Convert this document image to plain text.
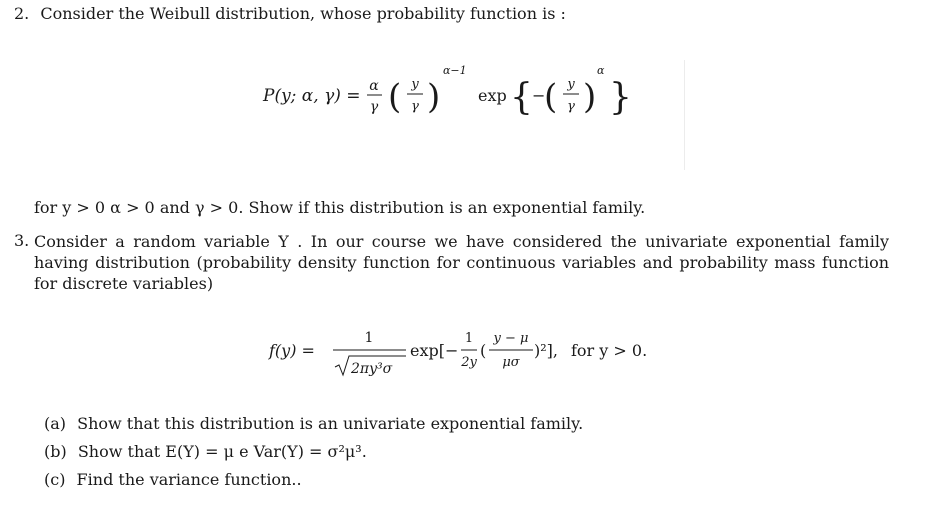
2. Consider the Weibull distribution, whose probability function is :
P(y; α, γ) = α
γ ( y
γ )
α−1
exp { −
( y
γ )
α
}
for y > 0 α > 0 and γ > 0. Show if this distribution is an exponential family.
3. Consider a random variable Y . In our course we have considered the univariate exponential family having distribution (probability density function for continuous variables and probability mass function for discrete variables)
f(y) =
1
2πy³σ
exp[−
1
2y
(
y − μ
μσ
)²], for y > 0.
(a) Show that this distribution is an univariate exponential family.
(b) Show that E(Y) = μ e Var(Y) = σ²μ³.
(c) Find the variance function..
